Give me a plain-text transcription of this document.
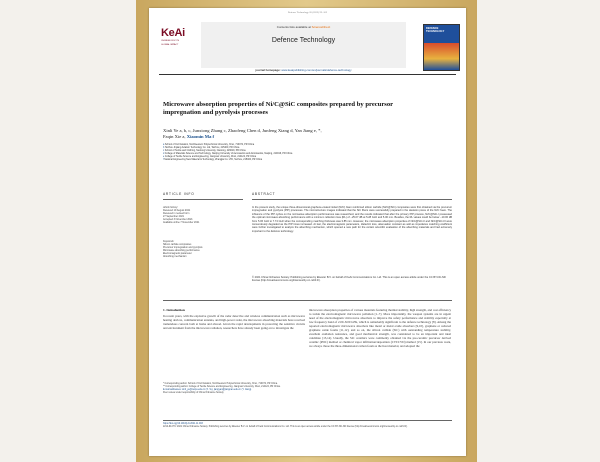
Defence Technology 20 (2023) 93–102
KeAi
CHINESE ROOTS
GLOBAL IMPACT
Contents lists available at ScienceDirect
Defence Technology
journal homepage: www.keaipublishing.com/en/journals/defence-technology
DEFENCE TECHNOLOGY
Microwave absorption properties of Ni/C@SiC composites prepared by precursor impregnation and pyrolysis processes
Xinli Ye a, b, c, Junxiong Zhang c, Zhaofeng Chen d, Junfeng Xiang d, Yan Jiang e, *,
Faqin Xie a, Xiaomin Ma f
a School of Civil Aviation, Northwestern Polytechnical University, Xi'an, 710072, PR China
b Taizhou Jinjiang Aviation Technology Co. Ltd, Taizhou, 215400, PR China
c School of Textile and Clothing, Nantong University, Nantong, 226019, PR China
d College of Materials Science and Technology, Nanjing University of Aeronautics and Astronautics, Nanjing, 210016, PR China
e College of Textile Science and Engineering, Jiangnan University, Wuxi, 214122, PR China
f National Engineering New Material & Technology, Zhangjia Co. LTD, Suzhou, 215400, PR China
ARTICLE INFO	ABSTRACT
Article history:
Received 19 August 2021
Received in revised form
27 September 2021
Accepted 3 November 2021
Available online 7 November 2021
Keywords:
Silicon carbide composites
Precursor impregnation and pyrolysis
Microwave absorbing performance
Electromagnetic parameter
Absorbing mechanism
In the present study, the unique three-dimensional graphene-coated nickel (Ni/C) foam reinforced silicon carbide (Ni/C@SiC) composites were first obtained via the precursor impregnation and pyrolysis (PIP) processes. The microstructure images indicated that the SiC fibers were successfully prepared in the skeleton pores of the Ni/C foam. The influence of the PIP cycles on the microwave absorption performances was researched, and the results indicated that after the primary PIP process, Ni/C@SiC-I possessed the optimal microwave absorbing performance with a minimum reflection loss (RL) of −25.07 dB at 5.28 GHz and 5.00 mm. Besides, the RL values could be below −10.00 dB from 5.06 GHz to 7.74 GHz when the corresponding matching thickness was 3.85 mm. However, the microwave absorption properties of Ni/C@SiC-II and Ni/C@SiC-III were tremendously degraded as the PIP times increased. At last, the electromagnetic parameters, dielectric loss, attenuation constant as well as impedance matching coefficient were further investigated to analyze the absorbing mechanism, which opened a new path for the certain scientific evaluation of the absorbing materials and had extremely important to the defence technology.
© 2021 China Ordnance Society. Publishing services by Elsevier B.V. on behalf of KeAi Communications Co. Ltd. This is an open access article under the CC BY-NC-ND license (http://creativecommons.org/licenses/by-nc-nd/4.0/).
1. Introduction
In recent years, with the explosive growth of the radar detective and wireless communication such as microwave heating devices, communication antenna, and high-power radar, the microwave absorbing materials have received tremendous concern both at home and abroad. Given the rapid developments in protecting the sensitive circuits and environment from the microwave radiation, researchers have already been going on to investigate the
microwave absorption properties of various materials featuring thermal stability, high strength, and cost efficiency to tackle the electromagnetic microwave pollution [1–7]. More importantly, the weapon systems are in urgent need of the electromagnetic microwave absorbers to improve the safety performance and stability especially at low frequency band of 2.00–8.00 GHz, which is remarkably significant to the defence technology [8]. Among the reported electromagnetic microwave absorbers like metal or metal oxide absorbers [9,10], graphene or reduced graphene oxide foams [11,12], and so on, the silicon carbide (SiC) with outstanding temperature stability, excellent oxidation resistance, and good mechanical strength, was considered to be an important and ideal candidate [13,14]. Usually, the SiC ceramics were commonly obtained via the pre-ceramic precursor derived ceramic (PDC) method or chemical vapor infiltration/deposition (CVI/CVD) method [15]. In our previous work, we always chose the three-dimensional carbon foam as the host material, and adopted the
* Corresponding author. School of Civil Aviation, Northwestern Polytechnical University, Xi'an, 710072, PR China.
** Corresponding author. College of Textile Science and Engineering, Jiangnan University, Wuxi, 214122, PR China.
E-mail addresses: xinli_ye@nwpu.edu.cn (X. Ye), jiangyan@jiangnan.edu.cn (Y. Jiang).
Peer review under responsibility of China Ordnance Society
https://doi.org/10.1016/j.dt.2021.11.003
2214-9147/© 2021 China Ordnance Society. Publishing services by Elsevier B.V. on behalf of KeAi Communications Co. Ltd. This is an open access article under the CC BY-NC-ND license (http://creativecommons.org/licenses/by-nc-nd/4.0/).
